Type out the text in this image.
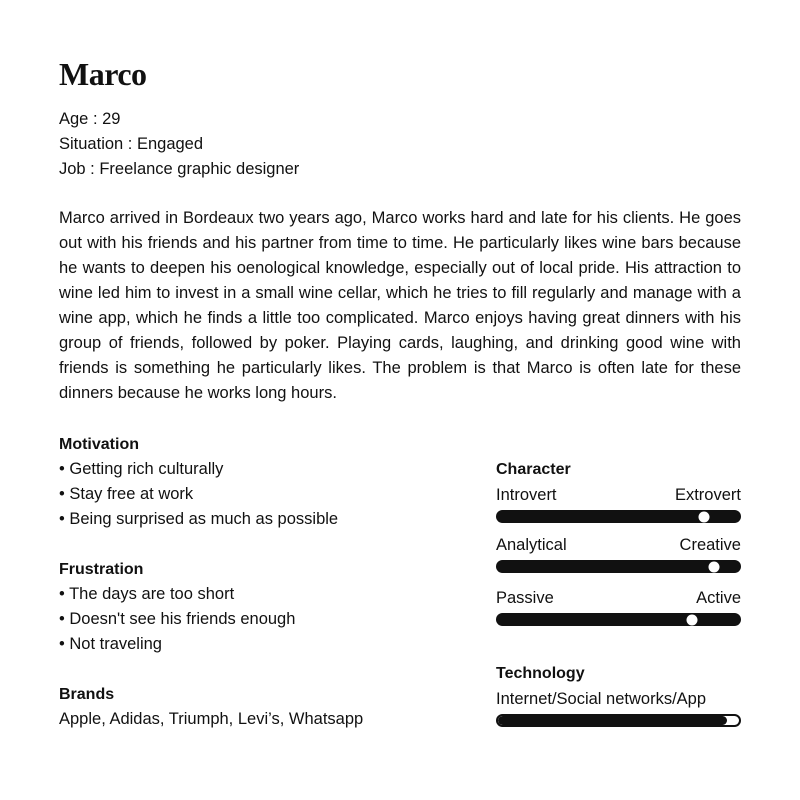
Marco
Age : 29
Situation : Engaged
Job : Freelance graphic designer

Marco arrived in Bordeaux two years ago, Marco works hard and late for his clients. He goes out with his friends and his partner from time to time. He particularly likes wine bars because he wants to deepen his oenological knowledge, especially out of local pride. His attraction to wine led him to invest in a small wine cellar, which he tries to fill regularly and manage with a wine app, which he finds a little too complicated. Marco enjoys having great dinners with his group of friends, followed by poker. Playing cards, laughing, and drinking good wine with friends is something he particularly likes. The problem is that Marco is often late for these dinners because he works long hours.

Motivation
• Getting rich culturally
• Stay free at work
• Being surprised as much as possible
Frustration
• The days are too short
• Doesn't see his friends enough
• Not traveling
Brands
Apple, Adidas, Triumph, Levi’s, Whatsapp
Character
Introvert	Extrovert
Analytical	Creative
Passive	Active
Technology
Internet/Social networks/App
